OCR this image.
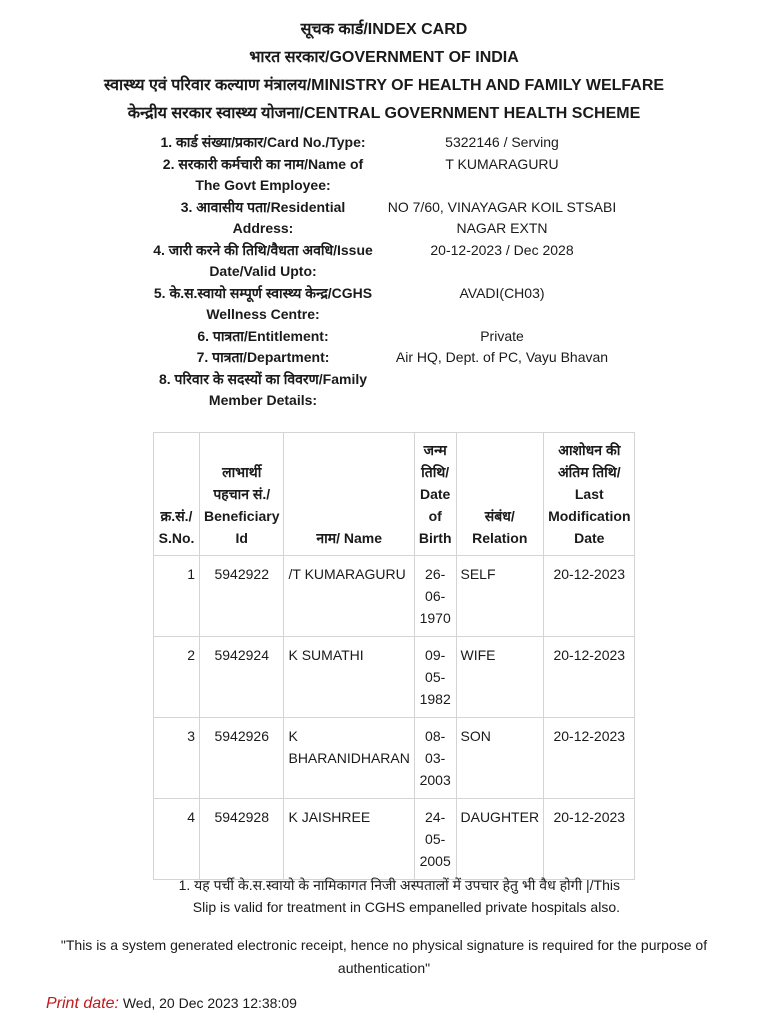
सूचक कार्ड/INDEX CARD
भारत सरकार/GOVERNMENT OF INDIA
स्वास्थ्य एवं परिवार कल्याण मंत्रालय/MINISTRY OF HEALTH AND FAMILY WELFARE
केन्द्रीय सरकार स्वास्थ्य योजना/CENTRAL GOVERNMENT HEALTH SCHEME
1. कार्ड संख्या/प्रकार/Card No./Type:	5322146 / Serving
2. सरकारी कर्मचारी का नाम/Name of The Govt Employee:
T KUMARAGURU
3. आवासीय पता/Residential Address:
NO 7/60, VINAYAGAR KOIL STSABI NAGAR EXTN
4. जारी करने की तिथि/वैधता अवधि/Issue Date/Valid Upto:
20-12-2023 / Dec 2028
5. के.स.स्वायो सम्पूर्ण स्वास्थ्य केन्द्र/CGHS Wellness Centre:
AVADI(CH03)
6. पात्रता/Entitlement:	Private
7. पात्रता/Department:	Air HQ, Dept. of PC, Vayu Bhavan
8. परिवार के सदस्यों का विवरण/Family Member Details:
क्र.सं./ S.No.	लाभार्थी पहचान सं./ Beneficiary Id	नाम/ Name	जन्म तिथि/ Date of Birth	संबंध/ Relation	आशोधन की अंतिम तिथि/ Last Modification Date
1	5942922	/T KUMARAGURU	26-06-1970	SELF	20-12-2023
2	5942924	K SUMATHI	09-05-1982	WIFE	20-12-2023
3	5942926	K BHARANIDHARAN	08-03-2003	SON	20-12-2023
4	5942928	K JAISHREE	24-05-2005	DAUGHTER	20-12-2023
1. यह पर्ची के.स.स्वायो के नामिकागत निजी अस्पतालों में उपचार हेतु भी वैध होगी |/This Slip is valid for treatment in CGHS empanelled private hospitals also.
"This is a system generated electronic receipt, hence no physical signature is required for the purpose of authentication"
Print date: Wed, 20 Dec 2023 12:38:09
